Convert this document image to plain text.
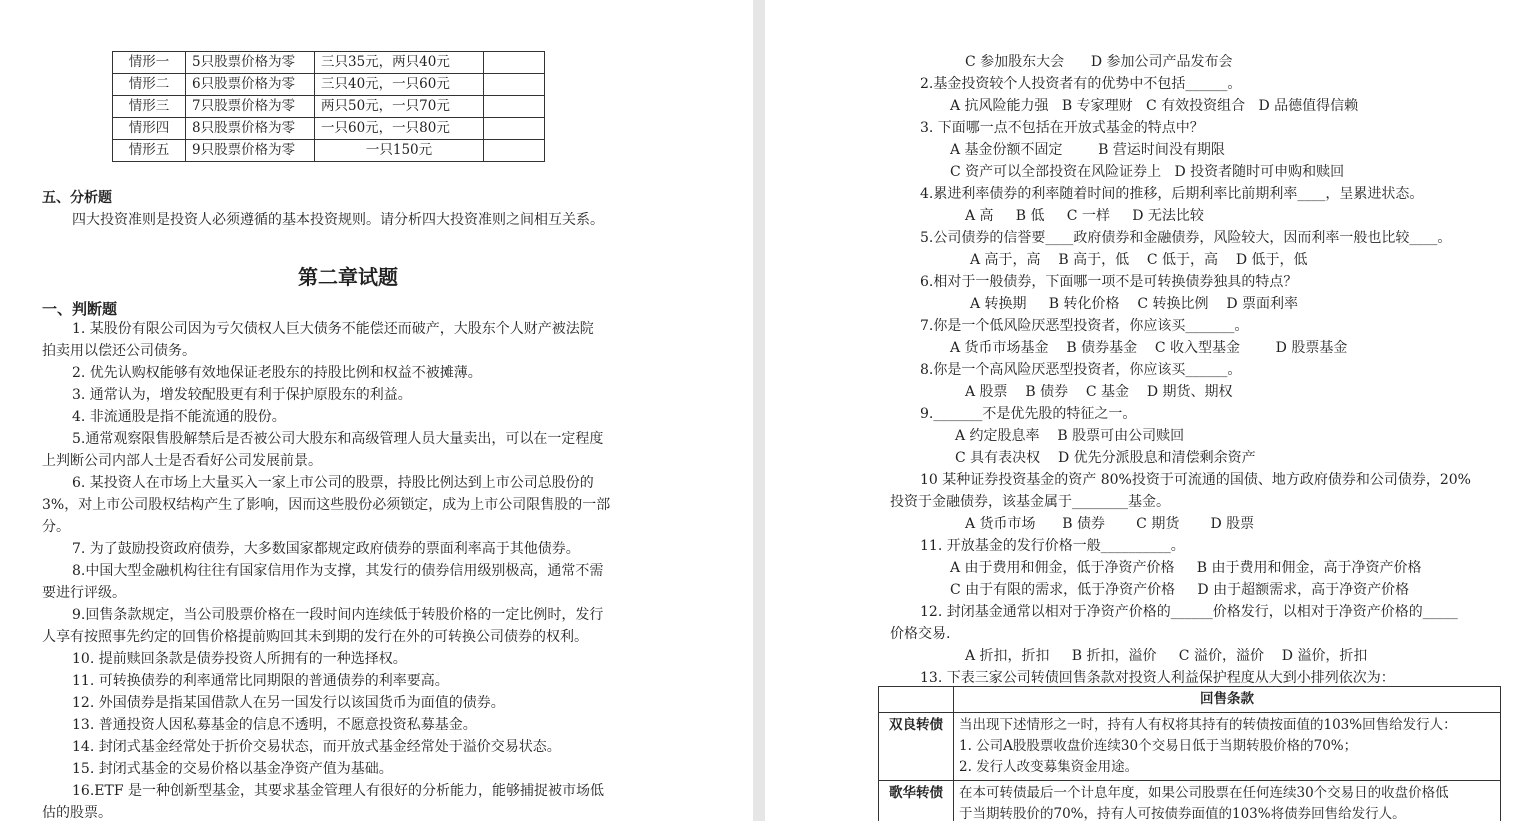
情形一	5只股票价格为零	三只35元，两只40元	
情形二	6只股票价格为零	三只40元，一只60元	
情形三	7只股票价格为零	两只50元，一只70元	
情形四	8只股票价格为零	一只60元，一只80元	
情形五	9只股票价格为零	一只150元	
五、分析题
四大投资准则是投资人必须遵循的基本投资规则。请分析四大投资准则之间相互关系。
第二章试题
一、判断题
1. 某股份有限公司因为亏欠债权人巨大债务不能偿还而破产，大股东个人财产被法院
拍卖用以偿还公司债务。
2. 优先认购权能够有效地保证老股东的持股比例和权益不被摊薄。
3. 通常认为，增发较配股更有利于保护原股东的利益。
4. 非流通股是指不能流通的股份。
5.通常观察限售股解禁后是否被公司大股东和高级管理人员大量卖出，可以在一定程度
上判断公司内部人士是否看好公司发展前景。
6. 某投资人在市场上大量买入一家上市公司的股票，持股比例达到上市公司总股份的
3%，对上市公司股权结构产生了影响，因而这些股份必须锁定，成为上市公司限售股的一部
分。
7. 为了鼓励投资政府债券，大多数国家都规定政府债券的票面利率高于其他债券。
8.中国大型金融机构往往有国家信用作为支撑，其发行的债券信用级别极高，通常不需
要进行评级。
9.回售条款规定，当公司股票价格在一段时间内连续低于转股价格的一定比例时，发行
人享有按照事先约定的回售价格提前购回其未到期的发行在外的可转换公司债券的权利。
10. 提前赎回条款是债券投资人所拥有的一种选择权。
11. 可转换债券的利率通常比同期限的普通债券的利率要高。
12. 外国债券是指某国借款人在另一国发行以该国货币为面值的债券。
13. 普通投资人因私募基金的信息不透明，不愿意投资私募基金。
14. 封闭式基金经常处于折价交易状态，而开放式基金经常处于溢价交易状态。
15. 封闭式基金的交易价格以基金净资产值为基础。
16.ETF 是一种创新型基金，其要求基金管理人有很好的分析能力，能够捕捉被市场低
估的股票。
C 参加股东大会      D 参加公司产品发布会
2.基金投资较个人投资者有的优势中不包括______。
A 抗风险能力强   B 专家理财   C 有效投资组合   D 品德值得信赖
3. 下面哪一点不包括在开放式基金的特点中？
A 基金份额不固定        B 营运时间没有期限
C 资产可以全部投资在风险证券上   D 投资者随时可申购和赎回
4.累进利率债券的利率随着时间的推移，后期利率比前期利率____，呈累进状态。
A 高     B 低     C 一样     D 无法比较
5.公司债券的信誉要____政府债券和金融债券，风险较大，因而利率一般也比较____。
A 高于，高    B 高于，低    C 低于，高    D 低于，低
6.相对于一般债券，下面哪一项不是可转换债券独具的特点？
A 转换期     B 转化价格    C 转换比例    D 票面利率
7.你是一个低风险厌恶型投资者，你应该买_______。
A 货币市场基金    B 债券基金    C 收入型基金        D 股票基金
8.你是一个高风险厌恶型投资者，你应该买______。
A 股票    B 债券    C 基金    D 期货、期权
9._______不是优先股的特征之一。
A 约定股息率    B 股票可由公司赎回
C 具有表决权    D 优先分派股息和清偿剩余资产
10 某种证券投资基金的资产 80%投资于可流通的国债、地方政府债券和公司债券，20%
投资于金融债券，该基金属于________基金。
A 货币市场      B 债券       C 期货       D 股票
11. 开放基金的发行价格一般__________。
A 由于费用和佣金，低于净资产价格     B 由于费用和佣金，高于净资产价格
C 由于有限的需求，低于净资产价格     D 由于超额需求，高于净资产价格
12. 封闭基金通常以相对于净资产价格的______价格发行，以相对于净资产价格的_____
价格交易.
A 折扣，折扣     B 折扣，溢价     C 溢价，溢价    D 溢价，折扣
13. 下表三家公司转债回售条款对投资人利益保护程度从大到小排列依次为：
	回售条款
双良转债	当出现下述情形之一时，持有人有权将其持有的转债按面值的103%回售给发行人：
1. 公司A股股票收盘价连续30个交易日低于当期转股价格的70%；
2. 发行人改变募集资金用途。

歌华转债	在本可转债最后一个计息年度，如果公司股票在任何连续30个交易日的收盘价格低
于当期转股价的70%，持有人可按债券面值的103%将债券回售给发行人。
